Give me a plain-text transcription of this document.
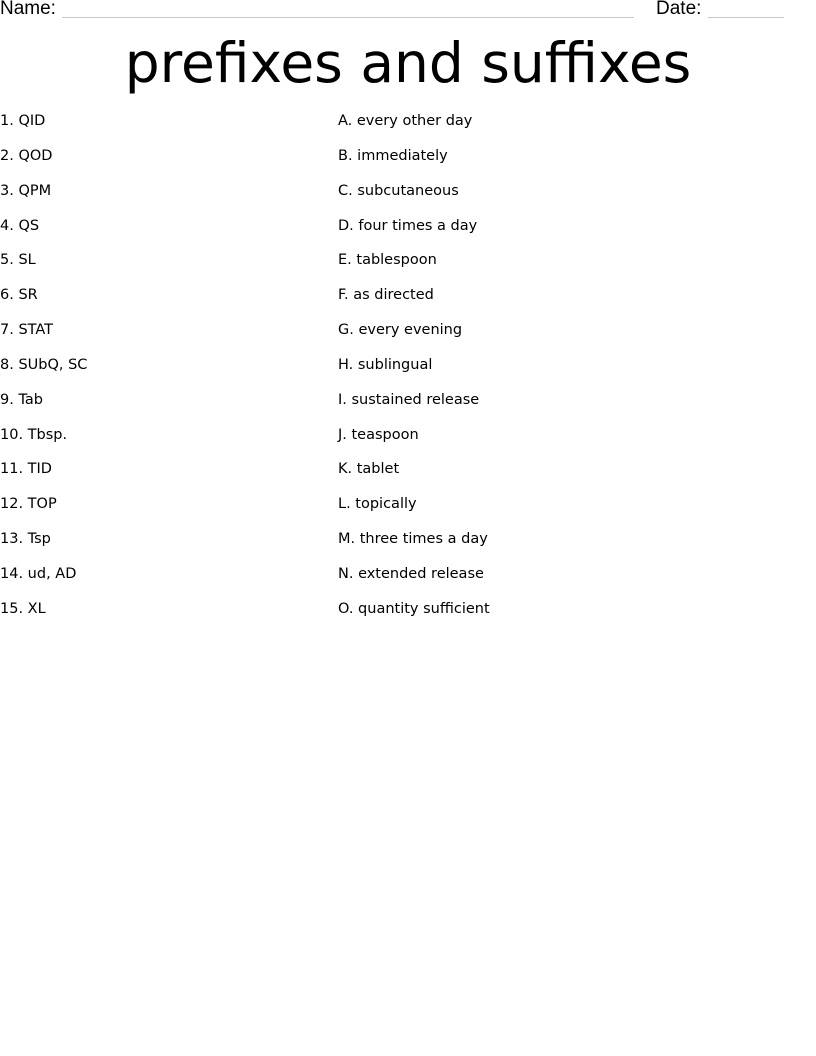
Name:	Date:
prefixes and suffixes
1. QID
2. QOD
3. QPM
4. QS
5. SL
6. SR
7. STAT
8. SUbQ, SC
9. Tab
10. Tbsp.
11. TID
12. TOP
13. Tsp
14. ud, AD
15. XL
A. every other day
B. immediately
C. subcutaneous
D. four times a day
E. tablespoon
F. as directed
G. every evening
H. sublingual
I. sustained release
J. teaspoon
K. tablet
L. topically
M. three times a day
N. extended release
O. quantity sufficient
